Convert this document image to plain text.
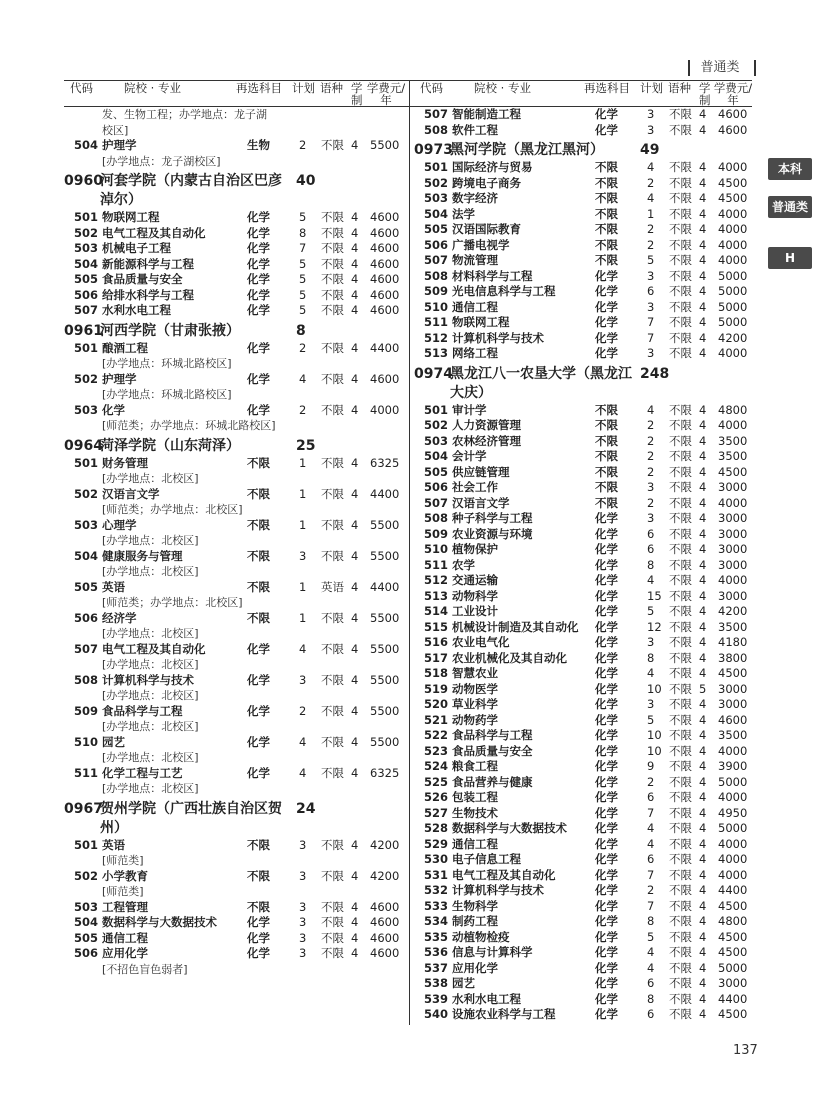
普通类
本科
普通类
H
代码	院校 · 专业	再选科目 计划 语种 学制
学费元/年
发、生物工程；办学地点：龙子湖
校区]
504 护理学	生物	2 不限 4 5500
[办学地点：龙子湖校区]
0960
河套学院（内蒙古自治区巴彦 40
淖尔）
501 物联网工程	化学	5 不限 4 4600
502 电气工程及其自动化	化学	8 不限 4 4600
503 机械电子工程	化学	7 不限 4 4600
504 新能源科学与工程	化学	5 不限 4 4600
505 食品质量与安全	化学	5 不限 4 4600
506 给排水科学与工程	化学	5 不限 4 4600
507 水利水电工程	化学	5 不限 4 4600
0961
河西学院（甘肃张掖）	8
501 酿酒工程	化学	2 不限 4 4400
[办学地点：环城北路校区]
502 护理学	化学	4 不限 4 4600
[办学地点：环城北路校区]
503 化学	化学	2 不限 4 4000
[师范类；办学地点：环城北路校区]
0964
菏泽学院（山东菏泽）	25
501 财务管理	不限	1 不限 4 6325
[办学地点：北校区]
502 汉语言文学	不限	1 不限 4 4400
[师范类；办学地点：北校区]
503 心理学	不限	1 不限 4 5500
[办学地点：北校区]
504 健康服务与管理	不限	3 不限 4 5500
[办学地点：北校区]
505 英语	不限	1 英语 4 4400
[师范类；办学地点：北校区]
506 经济学	不限	1 不限 4 5500
[办学地点：北校区]
507 电气工程及其自动化	化学	4 不限 4 5500
[办学地点：北校区]
508 计算机科学与技术	化学	3 不限 4 5500
[办学地点：北校区]
509 食品科学与工程	化学	2 不限 4 5500
[办学地点：北校区]
510 园艺	化学	4 不限 4 5500
[办学地点：北校区]
511 化学工程与工艺	化学	4 不限 4 6325
[办学地点：北校区]
0967
贺州学院（广西壮族自治区贺 24
州）
501 英语	不限	3 不限 4 4200
[师范类]
502 小学教育	不限	3 不限 4 4200
[师范类]
503 工程管理	不限	3 不限 4 4600
504 数据科学与大数据技术	化学	3 不限 4 4600
505 通信工程	化学	3 不限 4 4600
506 应用化学	化学	3 不限 4 4600
[不招色盲色弱者]
代码	院校 · 专业	再选科目 计划 语种 学制
学费元/年
507 智能制造工程	化学	3 不限 4 4600
508 软件工程	化学	3 不限 4 4600
0973
黑河学院（黑龙江黑河）	49
501 国际经济与贸易	不限	4 不限 4 4000
502 跨境电子商务	不限	2 不限 4 4500
503 数字经济	不限	4 不限 4 4500
504 法学	不限	1 不限 4 4000
505 汉语国际教育	不限	2 不限 4 4000
506 广播电视学	不限	2 不限 4 4000
507 物流管理	不限	5 不限 4 4000
508 材料科学与工程	化学	3 不限 4 5000
509 光电信息科学与工程	化学	6 不限 4 5000
510 通信工程	化学	3 不限 4 5000
511 物联网工程	化学	7 不限 4 5000
512 计算机科学与技术	化学	7 不限 4 4200
513 网络工程	化学	3 不限 4 4000
0974
黑龙江八一农垦大学（黑龙江 248
大庆）
501 审计学	不限	4 不限 4 4800
502 人力资源管理	不限	2 不限 4 4000
503 农林经济管理	不限	2 不限 4 3500
504 会计学	不限	2 不限 4 3500
505 供应链管理	不限	2 不限 4 4500
506 社会工作	不限	3 不限 4 3000
507 汉语言文学	不限	2 不限 4 4000
508 种子科学与工程	化学	3 不限 4 3000
509 农业资源与环境	化学	6 不限 4 3000
510 植物保护	化学	6 不限 4 3000
511 农学	化学	8 不限 4 3000
512 交通运输	化学	4 不限 4 4000
513 动物科学	化学	15 不限 4 3000
514 工业设计	化学	5 不限 4 4200
515 机械设计制造及其自动化 化学	12 不限 4 3500
516 农业电气化	化学	3 不限 4 4180
517 农业机械化及其自动化 化学	8 不限 4 3800
518 智慧农业	化学	4 不限 4 4500
519 动物医学	化学	10 不限 5 3000
520 草业科学	化学	3 不限 4 3000
521 动物药学	化学	5 不限 4 4600
522 食品科学与工程	化学	10 不限 4 3500
523 食品质量与安全	化学	10 不限 4 4000
524 粮食工程	化学	9 不限 4 3900
525 食品营养与健康	化学	2 不限 4 5000
526 包装工程	化学	6 不限 4 4000
527 生物技术	化学	7 不限 4 4950
528 数据科学与大数据技术 化学	4 不限 4 5000
529 通信工程	化学	4 不限 4 4000
530 电子信息工程	化学	6 不限 4 4000
531 电气工程及其自动化	化学	7 不限 4 4000
532 计算机科学与技术	化学	2 不限 4 4400
533 生物科学	化学	7 不限 4 4500
534 制药工程	化学	8 不限 4 4800
535 动植物检疫	化学	5 不限 4 4500
536 信息与计算科学	化学	4 不限 4 4500
537 应用化学	化学	4 不限 4 5000
538 园艺	化学	6 不限 4 3000
539 水利水电工程	化学	8 不限 4 4400
540 设施农业科学与工程	化学	6 不限 4 4500
137
